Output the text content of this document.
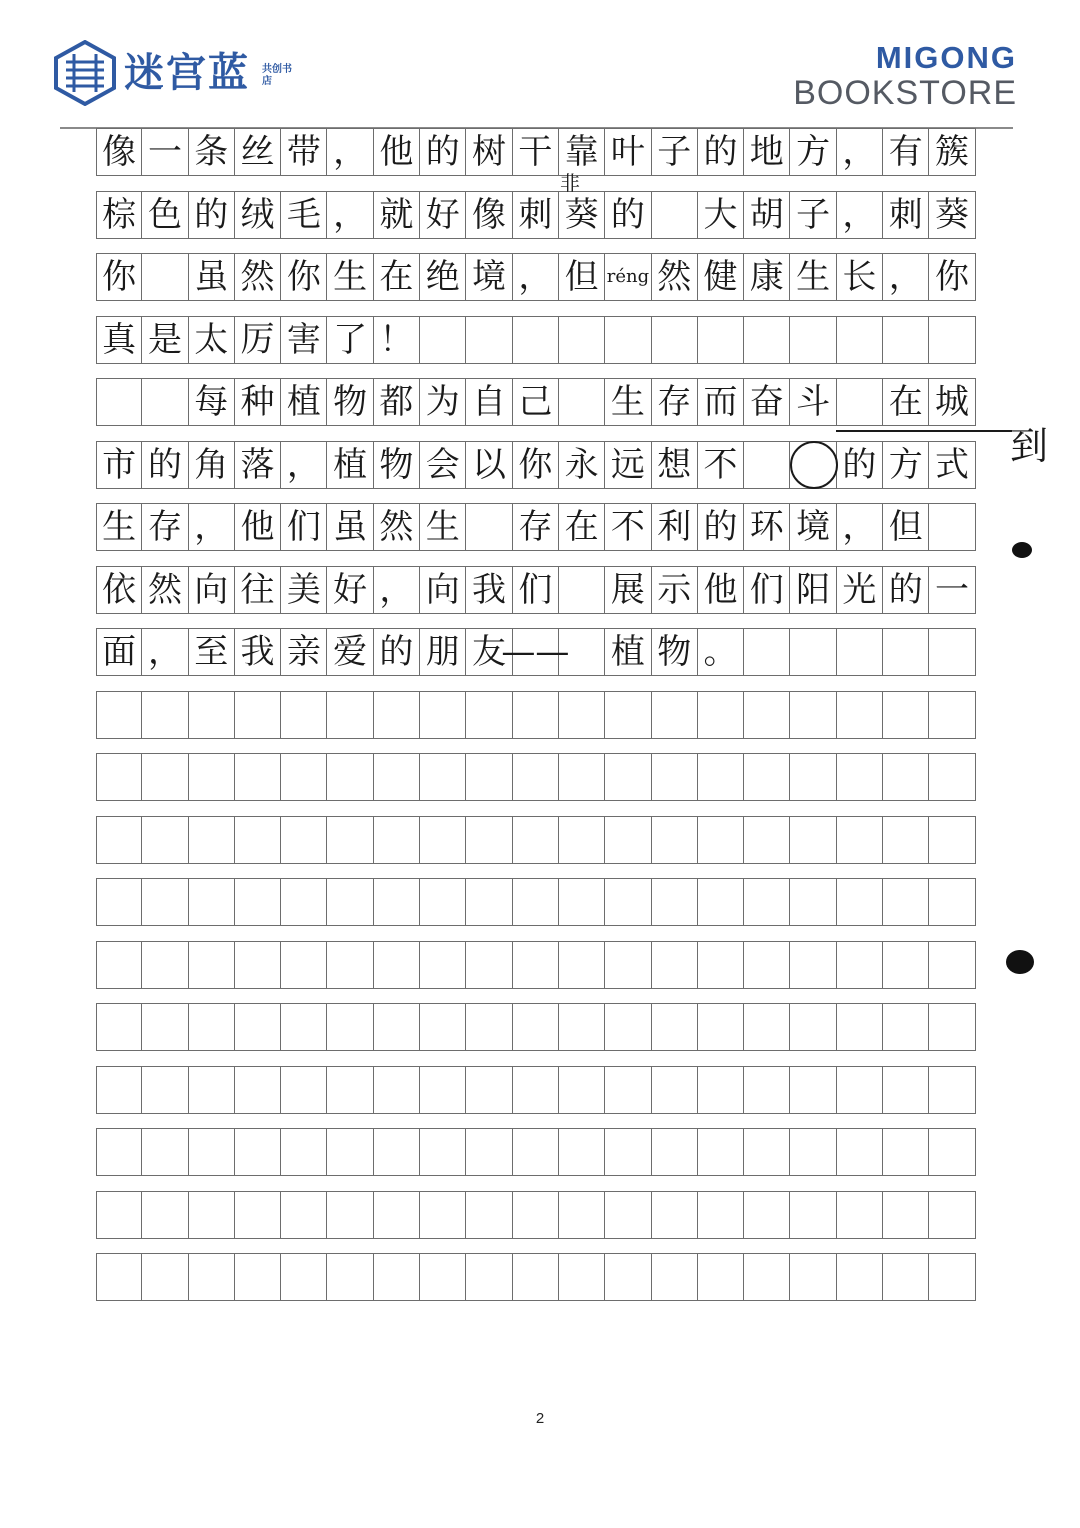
迷宫蓝 共创书店
MIGONG
BOOKSTORE
像 一 条 丝 带 ， 他 的 树 干 靠 叶 子 的 地 方 ， 有 簇
棕 色 的 绒 毛 ， 就 好 像 刺 葵 的 大 胡 子 ， 刺 葵
你 虽 然 你 生 在 绝 境 ， 但 réng 然 健 康 生 长 ， 你
真 是 太 厉 害 了 ！
每 种 植 物 都 为 自 己 生 存 而 奋 斗 在 城
市 的 角 落 ， 植 物 会 以 你 永 远 想 不	的 方 式
生 存 ， 他 们 虽 然 生 存 在 不 利 的 环 境 ， 但
依 然 向 往 美 好 ， 向 我 们 展 示 他 们 阳 光 的 一
面 ， 至 我 亲 爱 的 朋 友
—— 植 物 。
非
到
2
